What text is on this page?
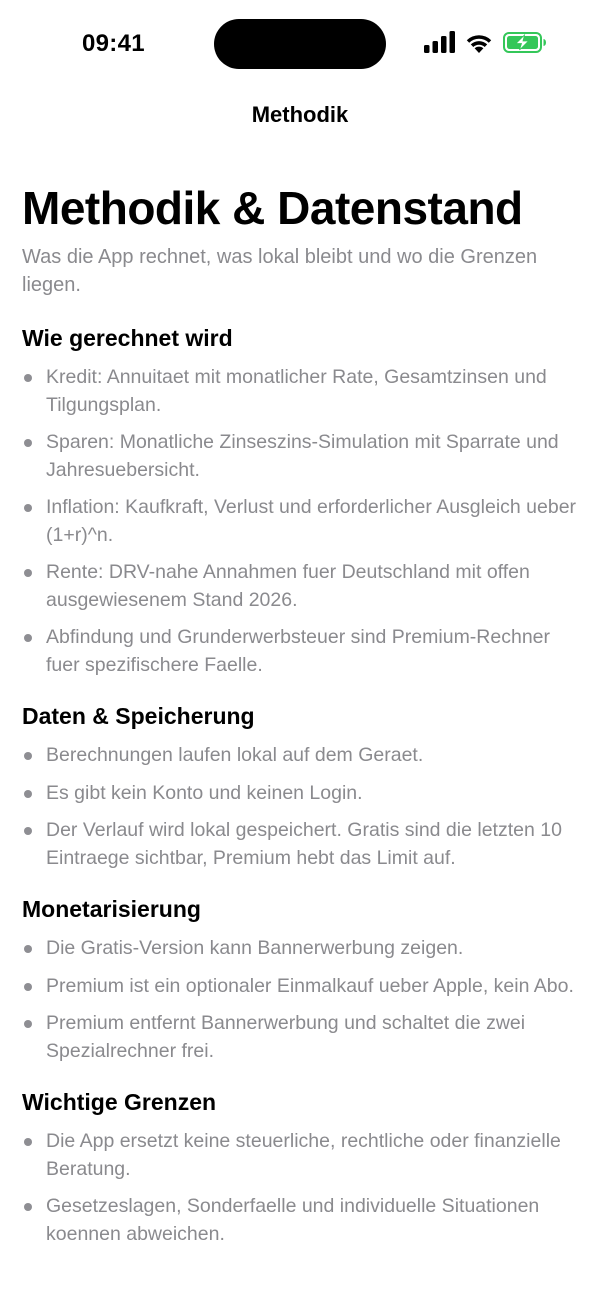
09:41
Methodik
Methodik & Datenstand

Was die App rechnet, was lokal bleibt und wo die Grenzen liegen.

Wie gerechnet wird
Kredit: Annuitaet mit monatlicher Rate, Gesamtzinsen und Tilgungsplan.
Sparen: Monatliche Zinseszins-Simulation mit Sparrate und Jahresuebersicht.
Inflation: Kaufkraft, Verlust und erforderlicher Ausgleich ueber (1+r)^n.
Rente: DRV-nahe Annahmen fuer Deutschland mit offen ausgewiesenem Stand 2026.
Abfindung und Grunderwerbsteuer sind Premium-Rechner fuer spezifischere Faelle.
Daten & Speicherung
Berechnungen laufen lokal auf dem Geraet.
Es gibt kein Konto und keinen Login.
Der Verlauf wird lokal gespeichert. Gratis sind die letzten 10 Eintraege sichtbar, Premium hebt das Limit auf.
Monetarisierung
Die Gratis-Version kann Bannerwerbung zeigen.
Premium ist ein optionaler Einmalkauf ueber Apple, kein Abo.
Premium entfernt Bannerwerbung und schaltet die zwei Spezialrechner frei.
Wichtige Grenzen
Die App ersetzt keine steuerliche, rechtliche oder finanzielle Beratung.
Gesetzeslagen, Sonderfaelle und individuelle Situationen koennen abweichen.
